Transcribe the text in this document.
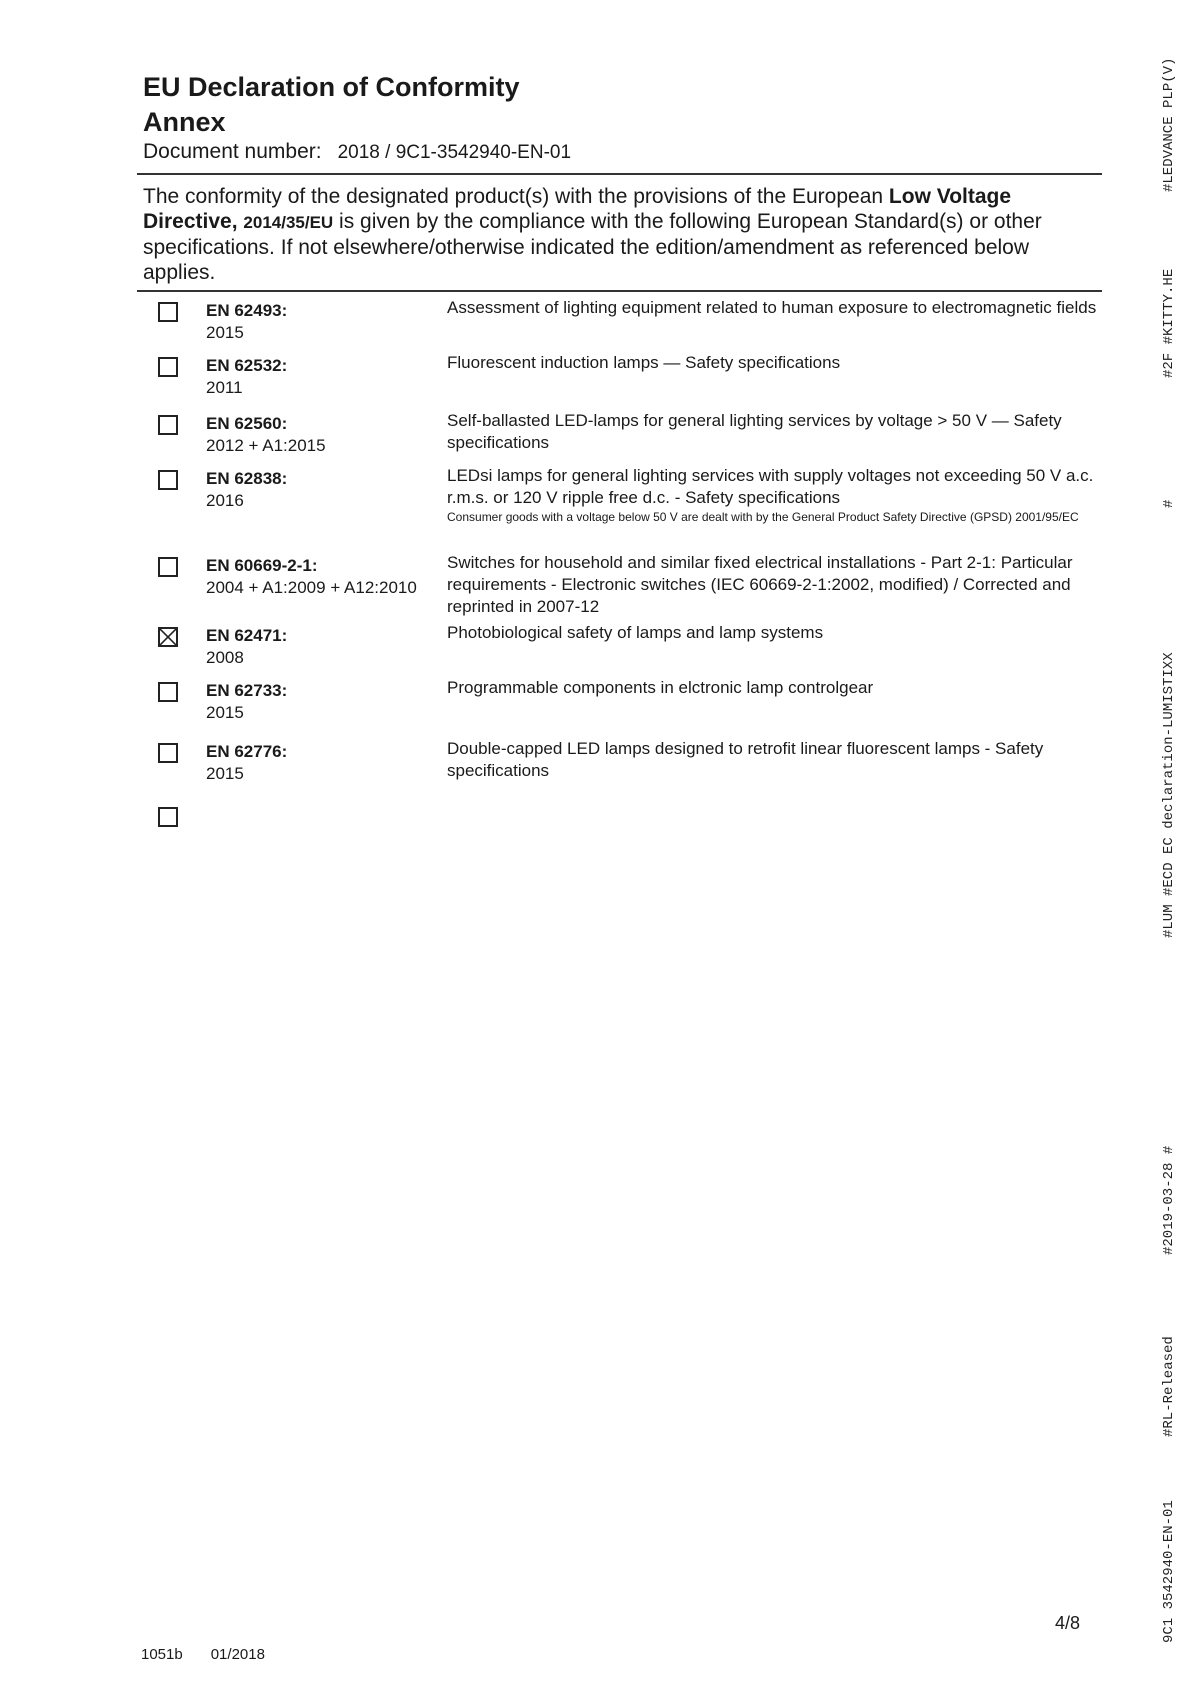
EU Declaration of Conformity
Annex
Document number: 2018 / 9C1-3542940-EN-01
The conformity of the designated product(s) with the provisions of the European Low Voltage Directive, 2014/35/EU is given by the compliance with the following European Standard(s) or other specifications. If not elsewhere/otherwise indicated the edition/amendment as referenced below applies.
EN 62493:
2015
Assessment of lighting equipment related to human exposure to electromagnetic fields
EN 62532:
2011
Fluorescent induction lamps — Safety specifications
EN 62560:
2012 + A1:2015
Self-ballasted LED-lamps for general lighting services by voltage > 50 V — Safety specifications
EN 62838:
2016
LEDsi lamps for general lighting services with supply voltages not exceeding 50 V a.c. r.m.s. or 120 V ripple free d.c. - Safety specifications
Consumer goods with a voltage below 50 V are dealt with by the General Product Safety Directive (GPSD) 2001/95/EC
EN 60669-2-1:
2004 + A1:2009 + A12:2010
Switches for household and similar fixed electrical installations - Part 2-1: Particular requirements - Electronic switches (IEC 60669-2-1:2002, modified) / Corrected and reprinted in 2007-12
EN 62471:
2008
Photobiological safety of lamps and lamp systems
EN 62733:
2015
Programmable components in elctronic lamp controlgear
EN 62776:
2015
Double-capped LED lamps designed to retrofit linear fluorescent lamps - Safety specifications
#LEDVANCE PLP(V)
#2F #KITTY.HE
#
#LUM #ECD EC declaration-LUMISTIXX
#2019-03-28 #
#RL-Released
9C1 3542940-EN-01
4/8
1051b 01/2018
